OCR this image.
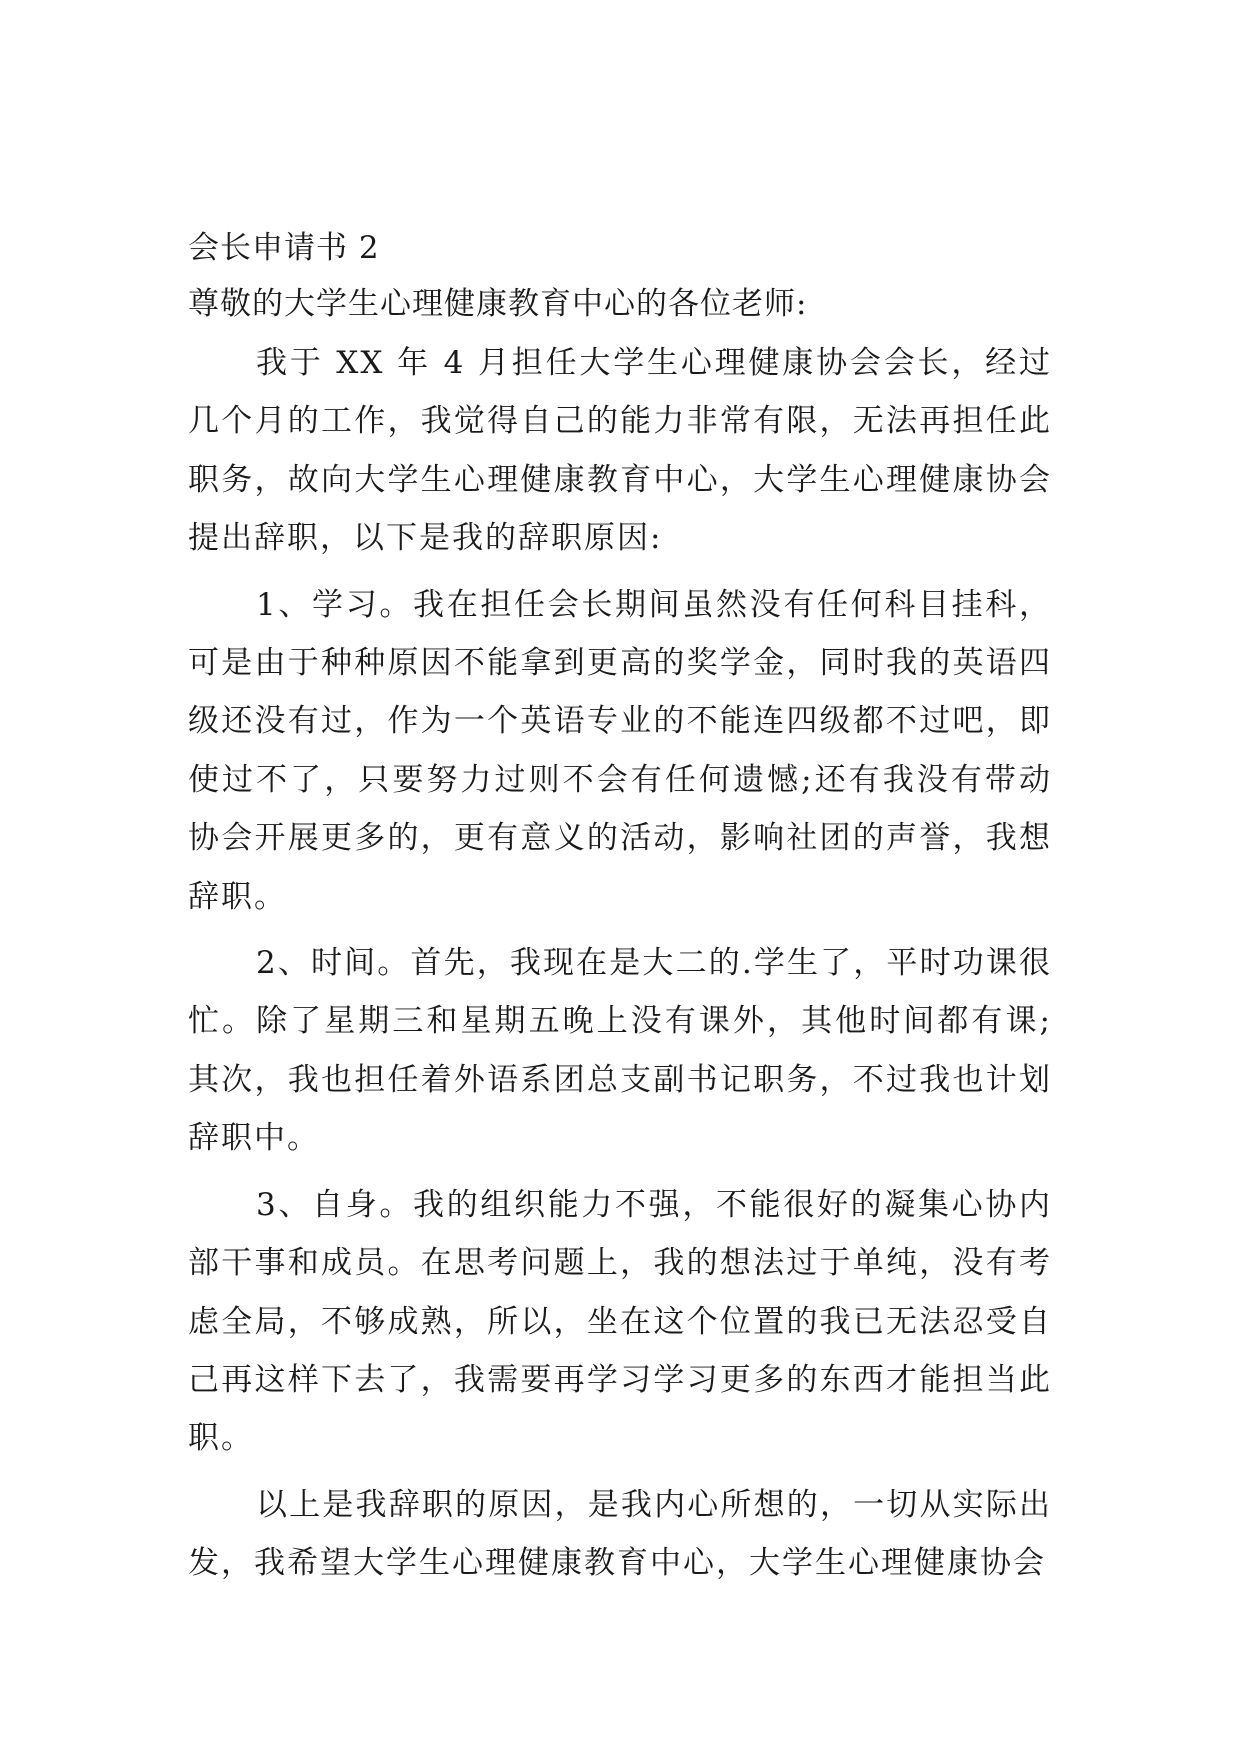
会长申请书 2

尊敬的大学生心理健康教育中心的各位老师:

我于 XX 年 4 月担任大学生心理健康协会会长，经过几个月的工作，我觉得自己的能力非常有限，无法再担任此职务，故向大学生心理健康教育中心，大学生心理健康协会提出辞职，以下是我的辞职原因:

1、学习。我在担任会长期间虽然没有任何科目挂科，可是由于种种原因不能拿到更高的奖学金，同时我的英语四级还没有过，作为一个英语专业的不能连四级都不过吧，即使过不了，只要努力过则不会有任何遗憾;还有我没有带动协会开展更多的，更有意义的活动，影响社团的声誉，我想辞职。

2、时间。首先，我现在是大二的.学生了，平时功课很忙。除了星期三和星期五晚上没有课外，其他时间都有课;其次，我也担任着外语系团总支副书记职务，不过我也计划辞职中。

3、自身。我的组织能力不强，不能很好的凝集心协内部干事和成员。在思考问题上，我的想法过于单纯，没有考虑全局，不够成熟，所以，坐在这个位置的我已无法忍受自己再这样下去了，我需要再学习学习更多的东西才能担当此职。

以上是我辞职的原因，是我内心所想的，一切从实际出发，我希望大学生心理健康教育中心，大学生心理健康协会
